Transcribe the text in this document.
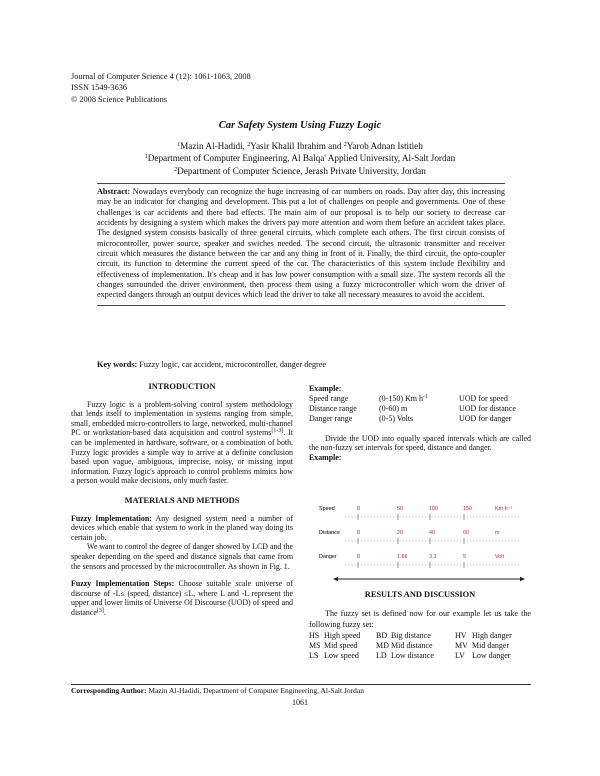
Journal of Computer Science 4 (12): 1061-1063, 2008
ISSN 1549-3636
© 2008 Science Publications
Car Safety System Using Fuzzy Logic
$^1$Mazin Al-Hadidi, $^2$Yasir Khalil Ibrahim and $^2$Yarob Adnan Istitieh
$^1$Department of Computer Engineering, Al Balqa' Applied University, Al-Salt Jordan
$^2$Department of Computer Science, Jerash Private University, Jordan
Abstract: Nowadays everybody can recognize the huge increasing of car numbers on roads. Day after day, this increasing may be an indicator for changing and development. This put a lot of challenges on people and governments. One of these challenges is car accidents and there bad effects. The main aim of our proposal is to help our society to decrease car accidents by designing a system which makes the drivers pay more attention and worn them before an accident takes place. The designed system consists basically of three general circuits, which complete each others. The first circuit consists of microcontroller, power source, speaker and swiches needed. The second circuit, the ultrasonic transmitter and receiver circuit which measures the distance between the car and any thing in front of it. Finally, the third circuit, the opto-coupler circuit, its function to determine the current speed of the car. The characteristics of this system include flexibility and effectiveness of implementation. It's cheap and it has low power consumption with a small size. The system records all the changes surrounded the driver environment, then process them using a fuzzy microcontroller which worn the driver of expected dangers through an output devices which lead the driver to take all necessary measures to avoid the accident.
Key words: Fuzzy logic, car accident, microcontroller, danger degree
INTRODUCTION

Fuzzy logic is a problem-solving control system methodology that lends itself to implementation in systems ranging from simple, small, embedded micro-controllers to large, networked, multi-channel PC or workstation-based data acquisition and control systems[1-3]. It can be implemented in hardware, software, or a combination of both. Fuzzy logic provides a simple way to arrive at a definite conclusion based upon vague, ambiguous, imprecise, noisy, or missing input information. Fuzzy logic's approach to control problems mimics how a person would make decisions, only much faster.

MATERIALS AND METHODS

Fuzzy Implementation: Any designed system need a number of devices which enable that system to work in the planed way doing its certain job.

We want to control the degree of danger showed by LCD and the speaker depending on the speed and distance signals that came from the sensors and processed by the microcontroller. As shown in Fig. 1.

Fuzzy Implementation Steps: Choose suitable scale universe of discourse of -L≤ (speed, distance) ≤L, where L and -L represent the upper and lower limits of Universe Of Discourse (UOD) of speed and distance[3].

Example:
Speed range	(0-150) Km $h^{-1}$	UOD for speed
Distance range	(0-60) m	UOD for distance
Danger range	(0-5) Volts	UOD for danger

Divide the UOD into equally spaced intervals which are called the non-fuzzy set intervals for speed, distance and danger.

Example:
Speed	0	50	100	150	Km h⁻¹
Distance	0	20	40	60	m
Danger	0	1.66	3.3	5	Volt
RESULTS AND DISCUSSION

The fuzzy set is defined now for our example let us take the following fuzzy set:

HS	High speed	BD	Big distance	HV	High danger
MS	Mid speed	MD	Mid distance	MV	Mid danger
LS	Low speed	LD	Low distance	LV	Low danger
Corresponding Author: Mazin Al-Hadidi, Department of Computer Engineering, Al-Salt Jordan
1061
